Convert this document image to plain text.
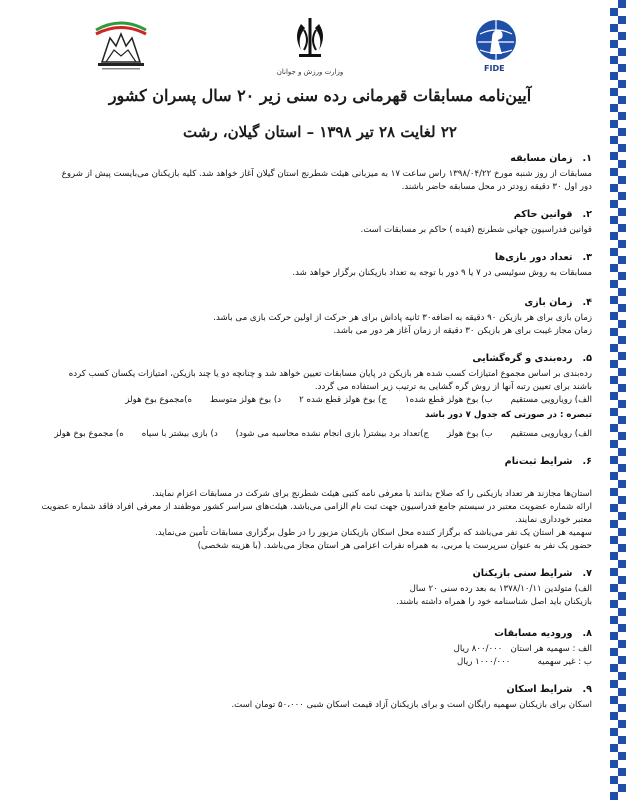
وزارت ورزش و جوانان	FIDE
آیین‌نامه مسابقات قهرمانی رده سنی زیر ۲۰ سال پسران کشور
۲۲ لغایت ۲۸ تیر ۱۳۹۸ – استان گیلان، رشت
۱.زمان مسابقه

مسابقات از روز شنبه مورخ ۱۳۹۸/۰۴/۲۲ راس ساعت ۱۷ به میزبانی هیئت شطرنج استان گیلان آغاز خواهد شد. کلیه بازیکنان می‌بایست پیش از شروع

دور اول ۳۰ دقیقه زودتر در محل مسابقه حاضر باشند.

۲.قوانین حاکم

قوانین فدراسیون جهانی شطرنج (فیده ) حاکم بر مسابقات است.

۳.تعداد دور بازی‌ها

مسابقات به روش سوئیسی در ۷ یا ۹ دور با توجه به تعداد بازیکنان برگزار خواهد شد.

۴.زمان بازی

زمان بازی برای هر بازیکن ۹۰ دقیقه به اضافه۳۰ ثانیه پاداش برای هر حرکت از اولین حرکت بازی می باشد.

زمان مجاز غیبت برای هر بازیکن ۳۰ دقیقه از زمان آغاز هر دور می باشد.

۵.رده‌بندی و گره‌گشایی

رده‌بندی بر اساس مجموع امتیازات کسب شده هر بازیکن در پایان مسابقات تعیین خواهد شد و چنانچه دو یا چند بازیکن، امتیازات یکسان کسب کرده

باشند برای تعیین رتبه آنها از روش گره گشایی به ترتیب زیر استفاده می گردد.

الف) رویارویی مستقیم
ب) بوخ هولز قطع شده۱
ج) بوخ هولز قطع شده ۲
د) بوخ هولز متوسط
ه)مجموع بوخ هولز

تبصره : در صورتی که جدول ۷ دور باشد

الف) رویارویی مستقیم
ب) بوخ هولز
ج)تعداد برد بیشتر( بازی انجام نشده محاسبه می شود)
د) بازی بیشتر با سیاه
ه) مجموع بوخ هولز
۶.شرایط ثبت‌نام

استان‌ها مجازند هر تعداد بازیکنی را که صلاح بدانند با معرفی نامه کتبی هیئت شطرنج برای شرکت در مسابقات اعزام نمایند.

ارائه شماره عضویت معتبر در سیستم جامع فدراسیون جهت ثبت نام الزامی می‌باشد. هیئت‌های سراسر کشور موظفند از معرفی افراد فاقد شماره عضویت

معتبر خودداری نمایند.

سهمیه هر استان یک نفر می‌باشد که برگزار کننده محل اسکان بازیکنان مزبور را در طول برگزاری مسابقات تأمین می‌نماید.

حضور یک نفر به عنوان سرپرست یا مربی، به همراه نفرات اعزامی هر استان مجاز می‌باشد. (با هزینه شخصی)

۷.شرایط سنی بازیکنان

الف) متولدین ۱۳۷۸/۱۰/۱۱ به بعد رده سنی ۲۰ سال

بازیکنان باید اصل شناسنامه خود را همراه داشته باشند.

۸.ورودیه مسابقات

الف : سهمیه هر استان   ۸۰۰/۰۰۰ ریال

ب : غیر سهمیه          ۱۰۰۰/۰۰۰ ریال

۹.شرایط اسکان

اسکان برای بازیکنان سهمیه رایگان است و برای بازیکنان آزاد قیمت اسکان شبی ۵۰،۰۰۰ تومان است.
